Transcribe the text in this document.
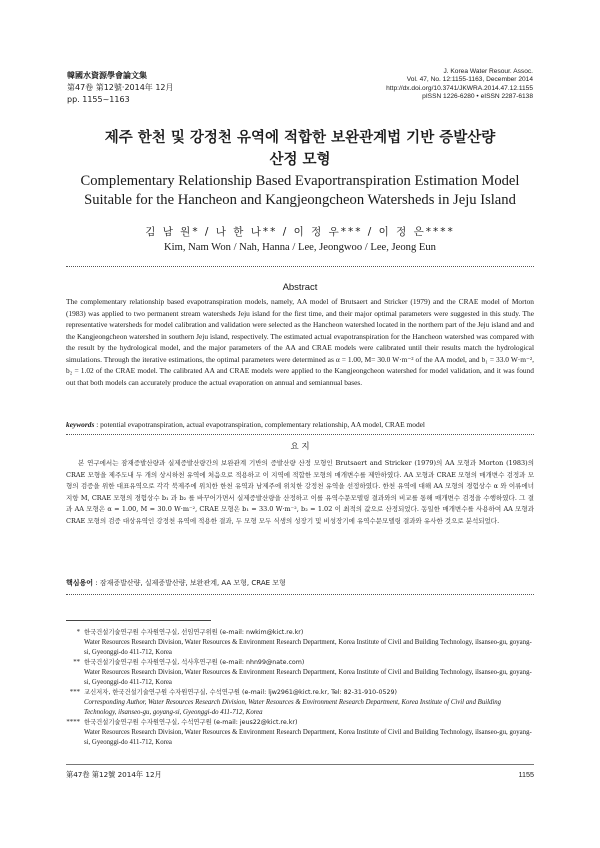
韓國水資源學會論文集
第47卷 第12號·2014年 12月
pp. 1155~1163
J. Korea Water Resour. Assoc.
Vol. 47, No. 12:1155-1163, December 2014
http://dx.doi.org/10.3741/JKWRA.2014.47.12.1155
pISSN 1226-6280 • eISSN 2287-6138
제주 한천 및 강정천 유역에 적합한 보완관계법 기반 증발산량
산정 모형
Complementary Relationship Based Evaportranspiration Estimation Model
Suitable for the Hancheon and Kangjeongcheon Watersheds in Jeju Island
김 남 원* / 나 한 나** / 이 정 우*** / 이 정 은****
Kim, Nam Won / Nah, Hanna / Lee, Jeongwoo / Lee, Jeong Eun
Abstract

The complementary relationship based evapotranspiration models, namely, AA model of Brutsaert and Stricker (1979) and the CRAE model of Morton (1983) was applied to two permanent stream watersheds Jeju island for the first time, and their major optimal parameters were suggested in this study. The representative watersheds for model calibration and validation were selected as the Hancheon watershed located in the northern part of the Jeju island and and the Kangjeongcheon watershed in southern Jeju island, respectively. The estimated actual evapotranspiration for the Hancheon watershed was compared with the result by the hydrological model, and the major parameters of the AA and CRAE models were calibrated until their results match the hydrological simulations. Through the iterative estimations, the optimal parameters were determined as α = 1.00, M= 30.0 W·m⁻² of the AA model, and b₁ = 33.0 W·m⁻², b₂ = 1.02 of the CRAE model. The calibrated AA and CRAE models were applied to the Kangjeongcheon watershed for model validation, and it was found out that both models can accurately produce the actual evaporation on annual and semiannual bases.

keywords : potential evapotranspiration, actual evapotranspiration, complementary relationship, AA model, CRAE model
요 지
본 연구에서는 잠재증발산량과 실제증발산량간의 보완관계 기반의 증발산량 산정 모형인 Brutsaert and Stricker (1979)의 AA 모형과 Morton (1983)의 CRAE 모형을 제주도내 두 개의 상시하천 유역에 처음으로 적용하고 이 지역에 적합한 모형의 매개변수를 제안하였다. AA 모형과 CRAE 모형의 매개변수 검정과 모형의 검증을 위한 대표유역으로 각각 북제주에 위치한 한천 유역과 남제주에 위치한 강정천 유역을 선정하였다. 한천 유역에 대해 AA 모형의 경험상수 α 와 이류에너지항 M, CRAE 모형의 경험상수 b₁ 과 b₂ 를 바꾸어가면서 실제증발산량을 산정하고 이를 유역수문모델링 결과와의 비교를 통해 매개변수 검정을 수행하였다. 그 결과 AA 모형은 α = 1.00, M = 30.0 W·m⁻², CRAE 모형은 b₁ = 33.0 W·m⁻², b₂ = 1.02 이 최적의 값으로 산정되었다. 동일한 매개변수를 사용하여 AA 모형과 CRAE 모형의 검증 대상유역인 강정천 유역에 적용한 결과, 두 모형 모두 식생의 성장기 및 비성장기에 유역수문모델링 결과와 유사한 것으로 분석되었다.
핵심용어 : 잠재증발산량, 실제증발산량, 보완관계, AA 모형, CRAE 모형
* 한국건설기술연구원 수자원연구실, 선임연구위원 (e-mail: nwkim@kict.re.kr)
Water Resources Research Division, Water Resources & Environment Research Department, Korea Institute of Civil and Building Technology, ilsanseo-gu, goyang-si, Gyeonggi-do 411-712, Korea
** 한국건설기술연구원 수자원연구실, 석사후연구원 (e-mail: nhn99@nate.com)
Water Resources Research Division, Water Resources & Environment Research Department, Korea Institute of Civil and Building Technology, ilsanseo-gu, goyang-si, Gyeonggi-do 411-712, Korea
*** 교신저자, 한국건설기술연구원 수자원연구실, 수석연구원 (e-mail: ljw2961@kict.re.kr, Tel: 82-31-910-0529)
Corresponding Author, Water Resources Research Division, Water Resources & Environment Research Department, Korea Institute of Civil and Building Technology, ilsanseo-gu, goyang-si, Gyeonggi-do 411-712, Korea
**** 한국건설기술연구원 수자원연구실, 수석연구원 (e-mail: jeus22@kict.re.kr)
Water Resources Research Division, Water Resources & Environment Research Department, Korea Institute of Civil and Building Technology, ilsanseo-gu, goyang-si, Gyeonggi-do 411-712, Korea
第47卷 第12號 2014年 12月	1155
